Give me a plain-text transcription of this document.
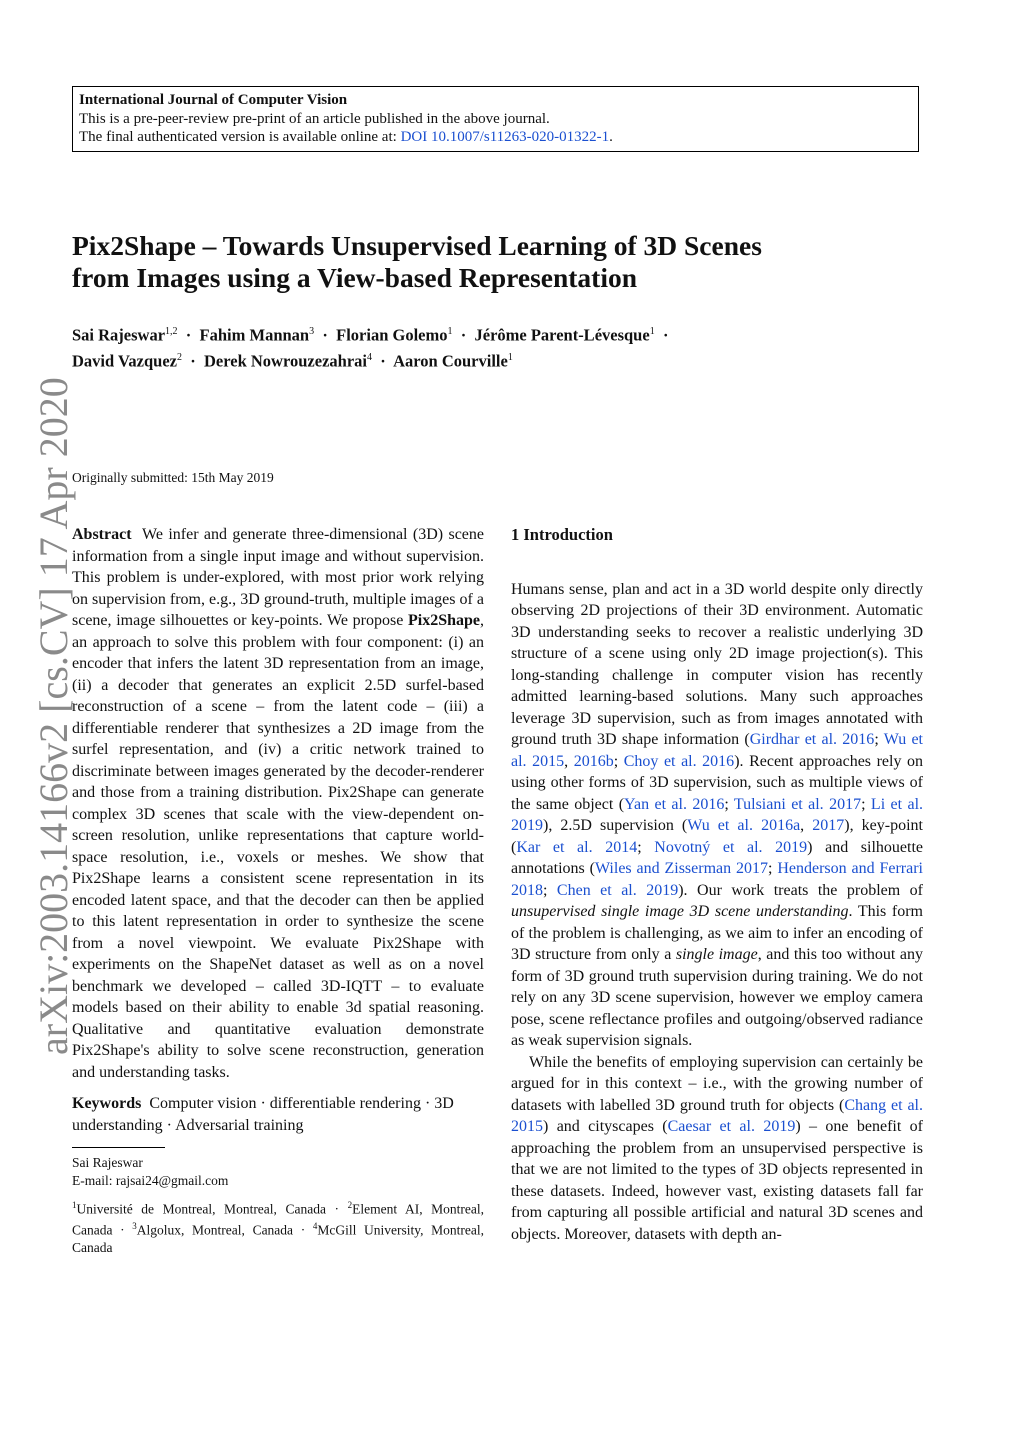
International Journal of Computer Vision
This is a pre-peer-review pre-print of an article published in the above journal.
The final authenticated version is available online at: DOI 10.1007/s11263-020-01322-1.
Pix2Shape – Towards Unsupervised Learning of 3D Scenes
from Images using a View-based Representation
Sai Rajeswar$^{1,2}$  ·  Fahim Mannan$^3$  ·  Florian Golemo$^1$  ·  Jérôme Parent-Lévesque$^1$  ·  David Vazquez$^2$  ·  Derek Nowrouzezahrai$^4$  ·  Aaron Courville$^1$
Originally submitted: 15th May 2019
arXiv:2003.14166v2 [cs.CV] 17 Apr 2020

Abstract We infer and generate three-dimensional (3D) scene information from a single input image and without supervision. This problem is under-explored, with most prior work relying on supervision from, e.g., 3D ground-truth, multiple images of a scene, image silhouettes or key-points. We propose Pix2Shape, an approach to solve this problem with four component: (i) an encoder that infers the latent 3D representation from an image, (ii) a decoder that generates an explicit 2.5D surfel-based reconstruction of a scene – from the latent code – (iii) a differentiable renderer that synthesizes a 2D image from the surfel representation, and (iv) a critic network trained to discriminate between images generated by the decoder-renderer and those from a training distribution. Pix2Shape can generate complex 3D scenes that scale with the view-dependent on-screen resolution, unlike representations that capture world-space resolution, i.e., voxels or meshes. We show that Pix2Shape learns a consistent scene representation in its encoded latent space, and that the decoder can then be applied to this latent representation in order to synthesize the scene from a novel viewpoint. We evaluate Pix2Shape with experiments on the ShapeNet dataset as well as on a novel benchmark we developed – called 3D-IQTT – to evaluate models based on their ability to enable 3d spatial reasoning. Qualitative and quantitative evaluation demonstrate Pix2Shape's ability to solve scene reconstruction, generation and understanding tasks.

Keywords Computer vision · differentiable rendering · 3D understanding · Adversarial training

Sai Rajeswar
E-mail: rajsai24@gmail.com
$^1$Université de Montreal, Montreal, Canada · $^2$Element AI, Montreal, Canada · $^3$Algolux, Montreal, Canada · $^4$McGill University, Montreal, Canada

1 Introduction

Humans sense, plan and act in a 3D world despite only directly observing 2D projections of their 3D environment. Automatic 3D understanding seeks to recover a realistic underlying 3D structure of a scene using only 2D image projection(s). This long-standing challenge in computer vision has recently admitted learning-based solutions. Many such approaches leverage 3D supervision, such as from images annotated with ground truth 3D shape information (Girdhar et al. 2016; Wu et al. 2015, 2016b; Choy et al. 2016). Recent approaches rely on using other forms of 3D supervision, such as multiple views of the same object (Yan et al. 2016; Tulsiani et al. 2017; Li et al. 2019), 2.5D supervision (Wu et al. 2016a, 2017), key-point (Kar et al. 2014; Novotný et al. 2019) and silhouette annotations (Wiles and Zisserman 2017; Henderson and Ferrari 2018; Chen et al. 2019). Our work treats the problem of unsupervised single image 3D scene understanding. This form of the problem is challenging, as we aim to infer an encoding of 3D structure from only a single image, and this too without any form of 3D ground truth supervision during training. We do not rely on any 3D scene supervision, however we employ camera pose, scene reflectance profiles and outgoing/observed radiance as weak supervision signals.

While the benefits of employing supervision can certainly be argued for in this context – i.e., with the growing number of datasets with labelled 3D ground truth for objects (Chang et al. 2015) and cityscapes (Caesar et al. 2019) – one benefit of approaching the problem from an unsupervised perspective is that we are not limited to the types of 3D objects represented in these datasets. Indeed, however vast, existing datasets fall far from capturing all possible artificial and natural 3D scenes and objects. Moreover, datasets with depth an-
